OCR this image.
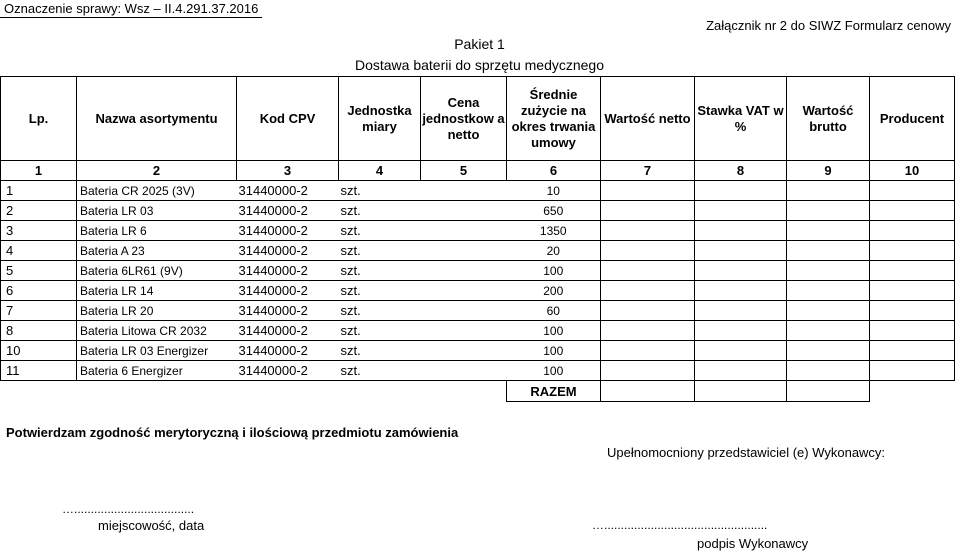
Oznaczenie sprawy: Wsz – II.4.291.37.2016
Załącznik nr 2 do SIWZ Formularz cenowy
Pakiet 1
Dostawa baterii do sprzętu medycznego
Lp.	Nazwa asortymentu	Kod CPV	Jednostka miary	Cena jednostkow a netto	Średnie zużycie na okres trwania umowy	Wartość netto	Stawka VAT w %	Wartość brutto	Producent
1	2	3	4	5	6	7	8	9	10
1	Bateria CR 2025 (3V)	31440000-2	szt.		10				
2	Bateria LR 03	31440000-2	szt.		650				
3	Bateria LR 6	31440000-2	szt.		1350				
4	Bateria A 23	31440000-2	szt.		20				
5	Bateria 6LR61 (9V)	31440000-2	szt.		100				
6	Bateria LR 14	31440000-2	szt.		200				
7	Bateria LR 20	31440000-2	szt.		60				
8	Bateria Litowa CR 2032	31440000-2	szt.		100				
10	Bateria LR 03 Energizer	31440000-2	szt.		100				
11	Bateria 6 Energizer	31440000-2	szt.		100				
					RAZEM				
Potwierdzam zgodność merytoryczną i ilościową przedmiotu zamówienia
Upełnomocniony przedstawiciel (e) Wykonawcy:
…....................................
miejscowość, data	….................................................
podpis Wykonawcy
